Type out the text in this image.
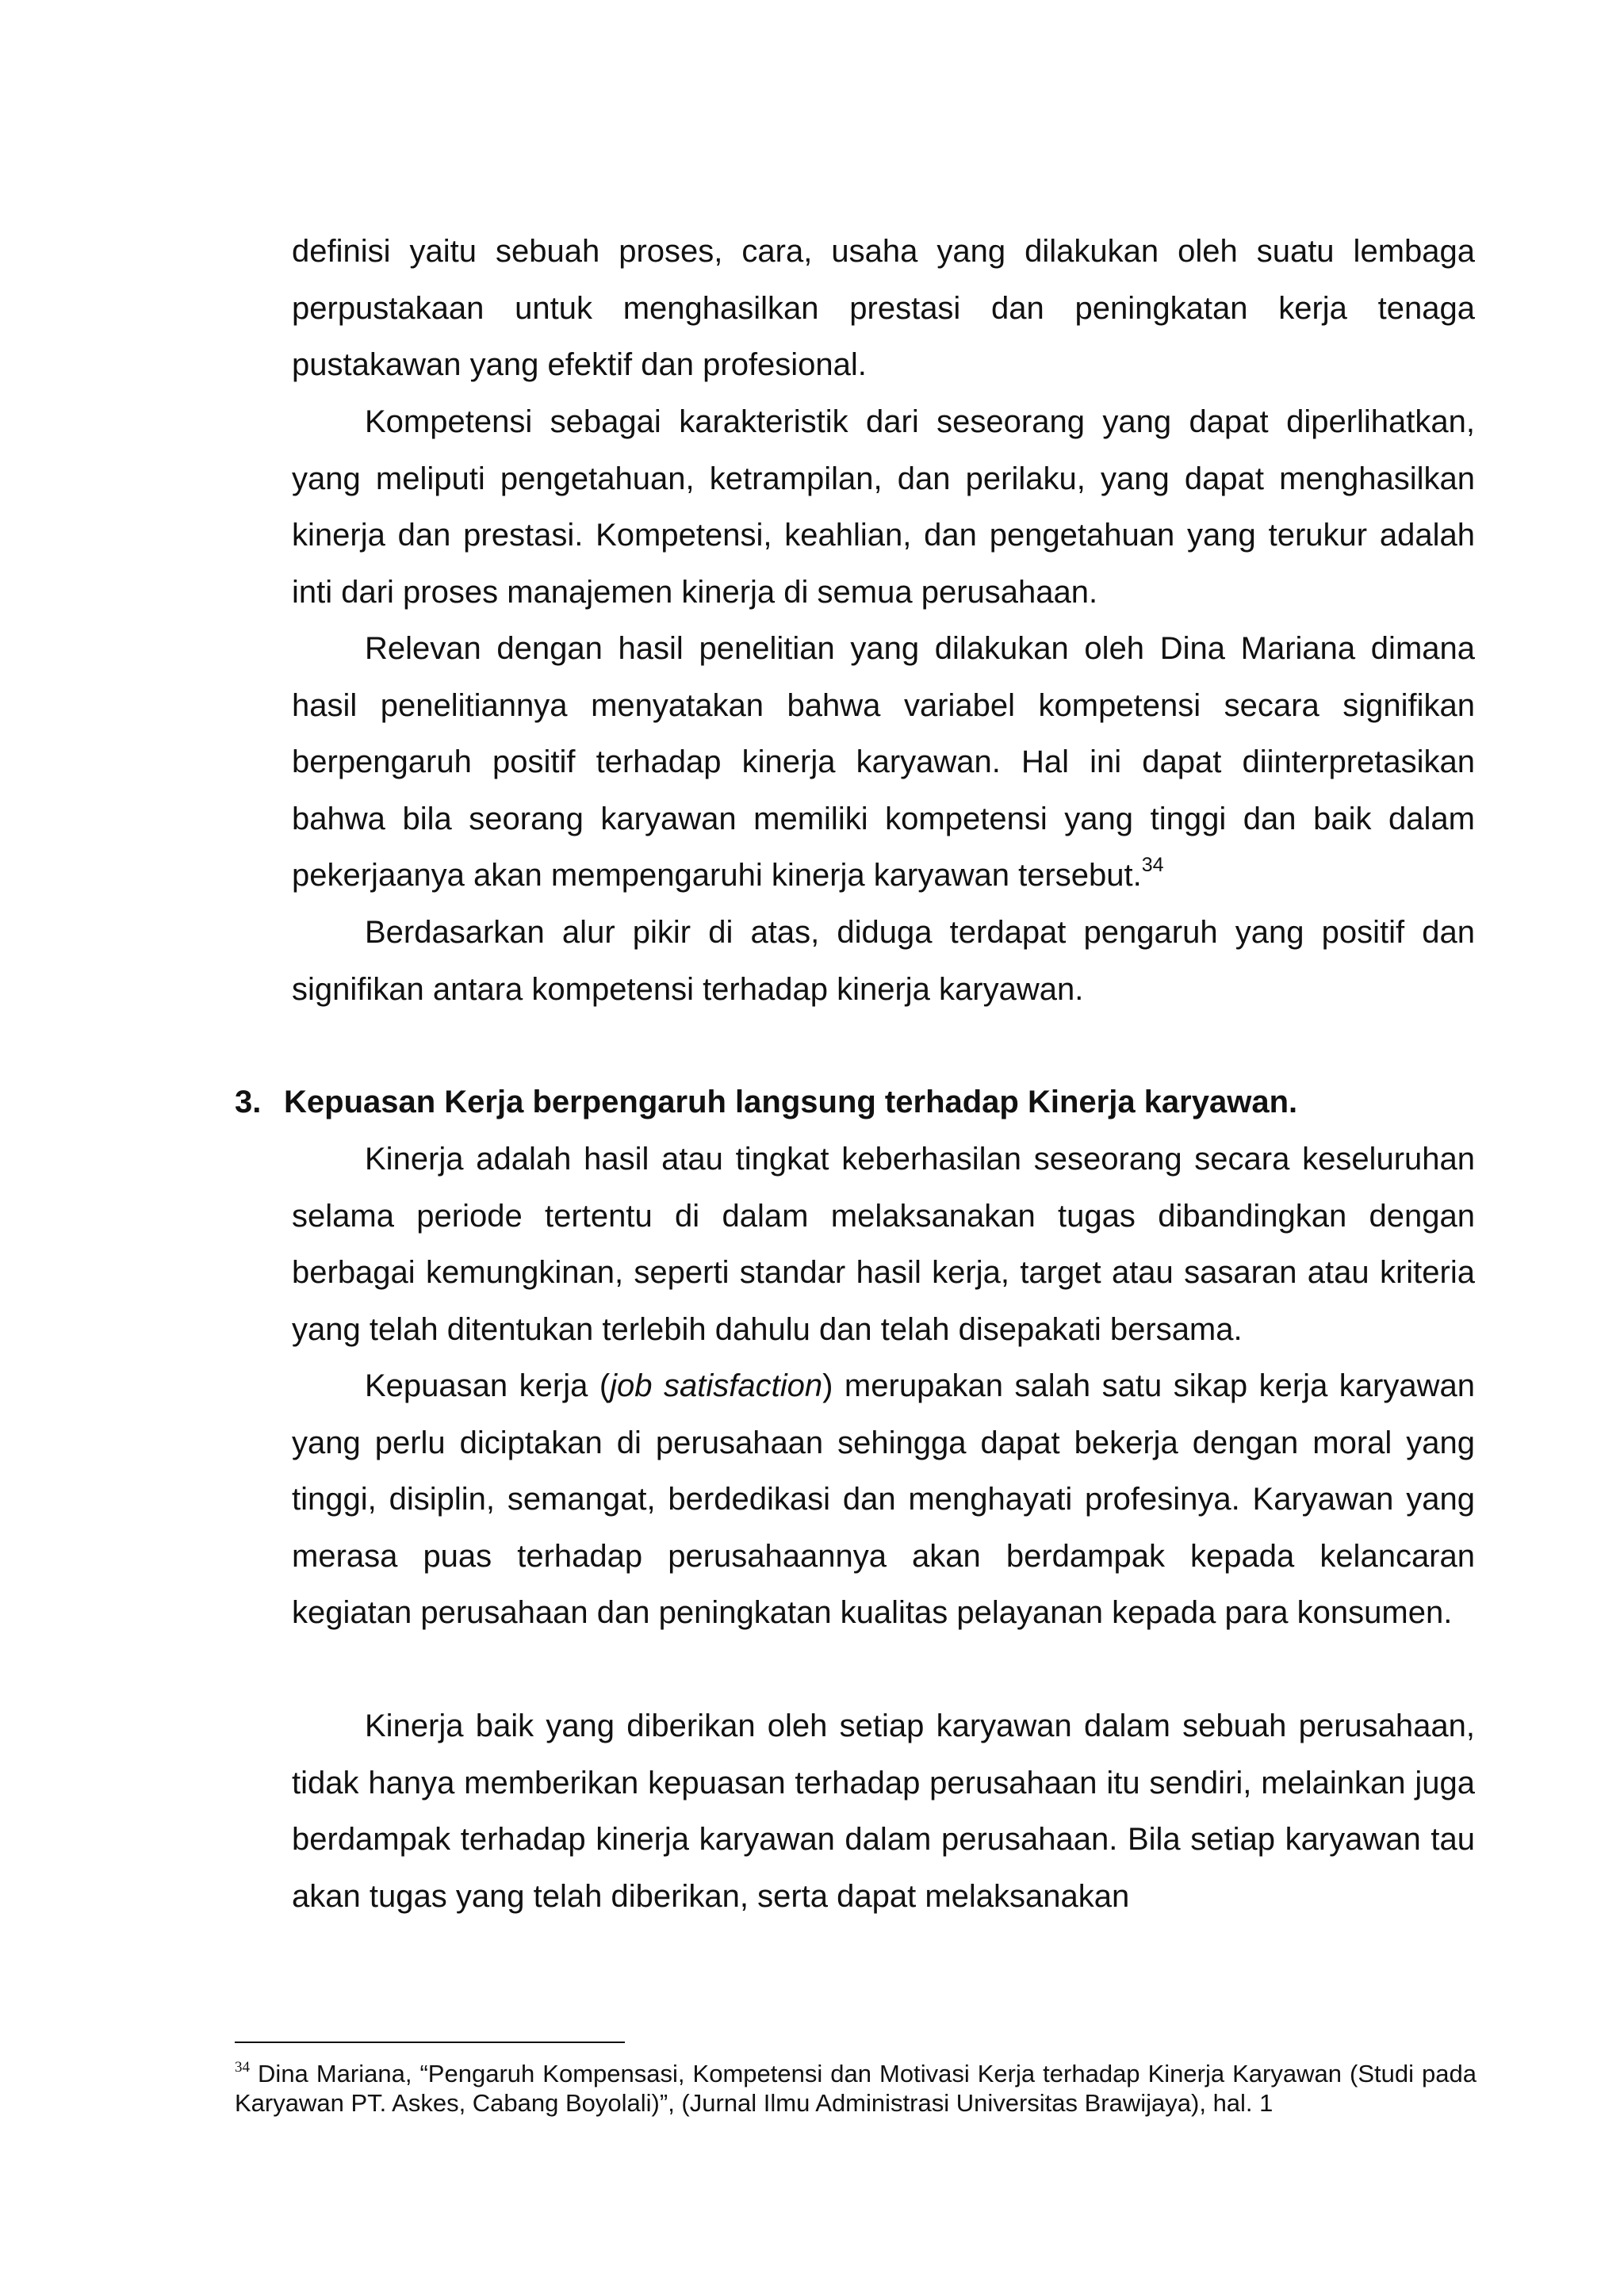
definisi yaitu sebuah proses, cara, usaha yang dilakukan oleh suatu lembaga perpustakaan untuk menghasilkan prestasi dan peningkatan kerja tenaga pustakawan yang efektif dan profesional.

Kompetensi sebagai karakteristik dari seseorang yang dapat diperlihatkan, yang meliputi pengetahuan, ketrampilan, dan perilaku, yang dapat menghasilkan kinerja dan prestasi. Kompetensi, keahlian, dan pengetahuan yang terukur adalah inti dari proses manajemen kinerja di semua perusahaan.

Relevan dengan hasil penelitian yang dilakukan oleh Dina Mariana dimana hasil penelitiannya menyatakan bahwa variabel kompetensi secara signifikan berpengaruh positif terhadap kinerja karyawan. Hal ini dapat diinterpretasikan bahwa bila seorang karyawan memiliki kompetensi yang tinggi dan baik dalam pekerjaanya akan mempengaruhi kinerja karyawan tersebut.$^{34}$

Berdasarkan alur pikir di atas, diduga terdapat pengaruh yang positif dan signifikan antara kompetensi terhadap kinerja karyawan.

3. Kepuasan Kerja berpengaruh langsung terhadap Kinerja karyawan.

Kinerja adalah hasil atau tingkat keberhasilan seseorang secara keseluruhan selama periode tertentu di dalam melaksanakan tugas dibandingkan dengan berbagai kemungkinan, seperti standar hasil kerja, target atau sasaran atau kriteria yang telah ditentukan terlebih dahulu dan telah disepakati bersama.

Kepuasan kerja (job satisfaction) merupakan salah satu sikap kerja karyawan yang perlu diciptakan di perusahaan sehingga dapat bekerja dengan moral yang tinggi, disiplin, semangat, berdedikasi dan menghayati profesinya. Karyawan yang merasa puas terhadap perusahaannya akan berdampak kepada kelancaran kegiatan perusahaan dan peningkatan kualitas pelayanan kepada para konsumen.

Kinerja baik yang diberikan oleh setiap karyawan dalam sebuah perusahaan, tidak hanya memberikan kepuasan terhadap perusahaan itu sendiri, melainkan juga berdampak terhadap kinerja karyawan dalam perusahaan. Bila setiap karyawan tau akan tugas yang telah diberikan, serta dapat melaksanakan

$^{34}$ Dina Mariana, “Pengaruh Kompensasi, Kompetensi dan Motivasi Kerja terhadap Kinerja Karyawan (Studi pada Karyawan PT. Askes, Cabang Boyolali)”, (Jurnal Ilmu Administrasi Universitas Brawijaya), hal. 1
